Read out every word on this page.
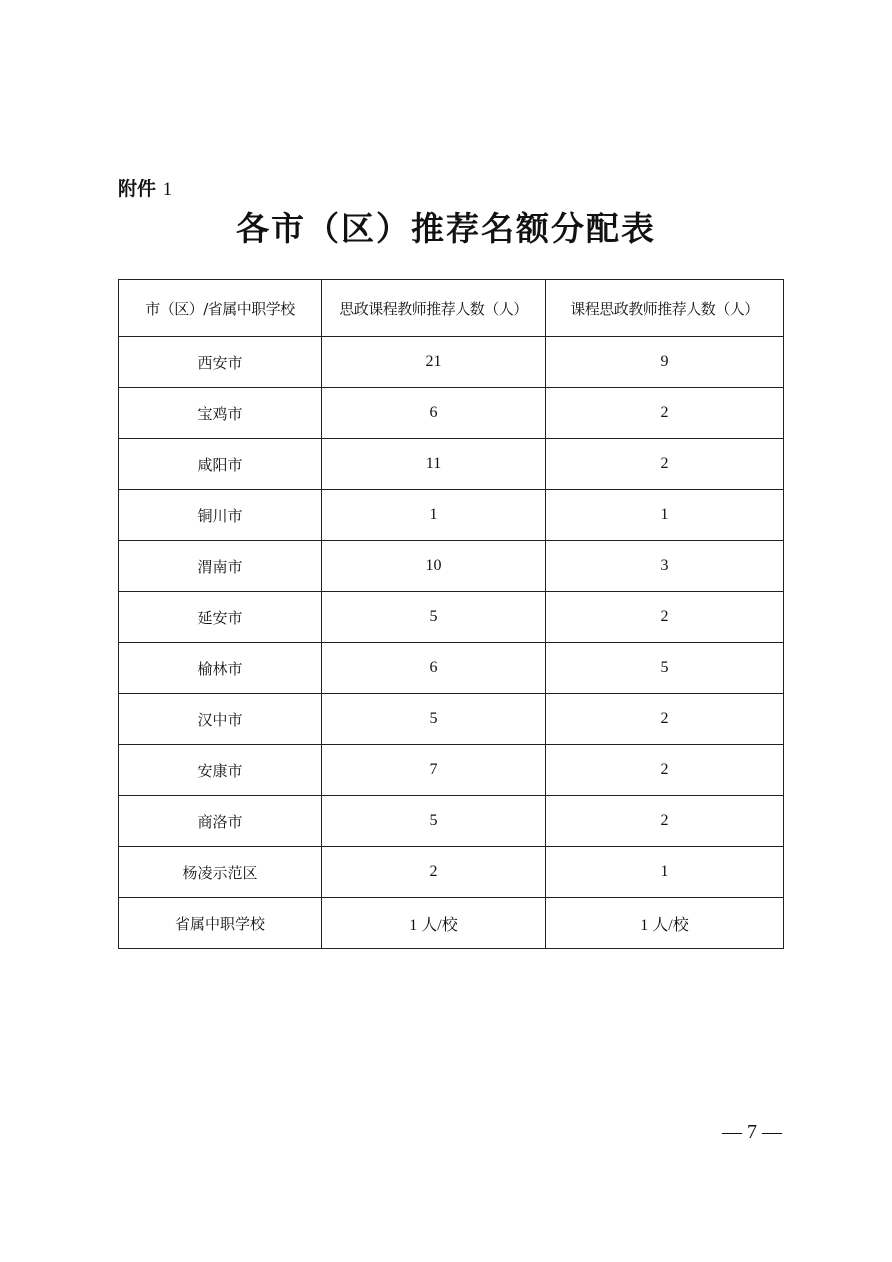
附件 1
各市（区）推荐名额分配表
市（区）/省属中职学校	思政课程教师推荐人数（人）	课程思政教师推荐人数（人）
西安市	21	9
宝鸡市	6	2
咸阳市	11	2
铜川市	1	1
渭南市	10	3
延安市	5	2
榆林市	6	5
汉中市	5	2
安康市	7	2
商洛市	5	2
杨凌示范区	2	1
省属中职学校	1 人/校	1 人/校
— 7 —
